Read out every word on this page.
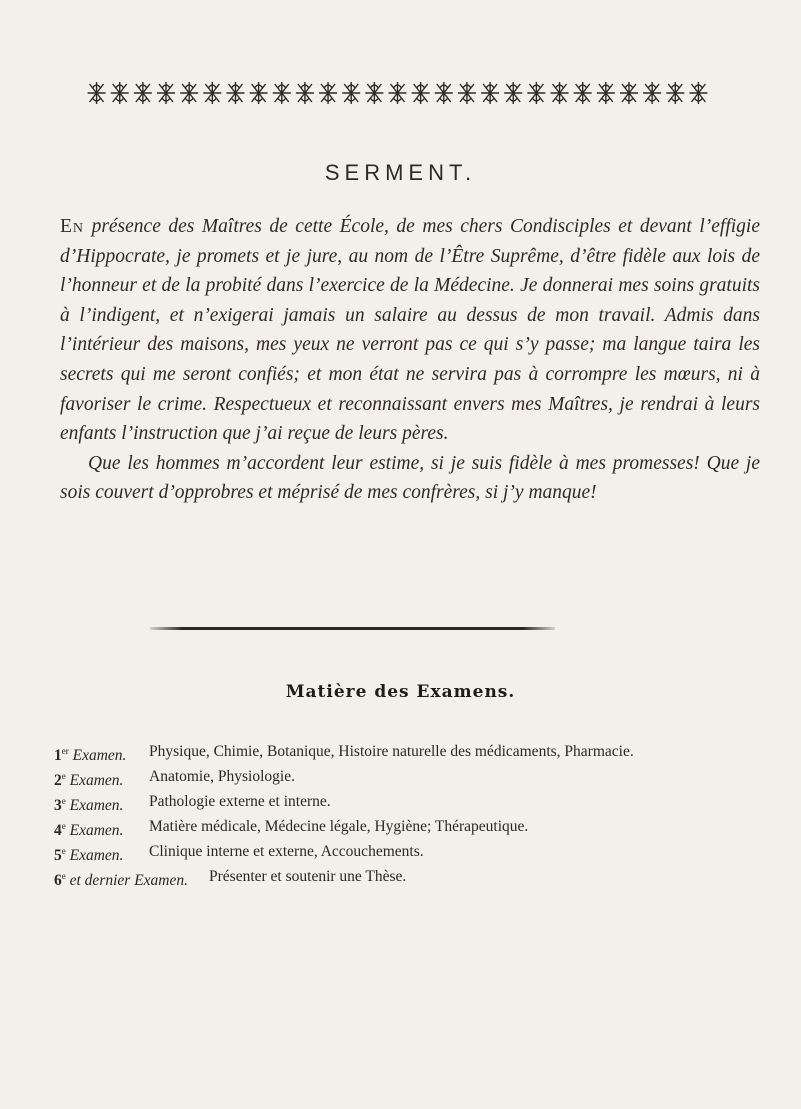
SERMENT.

En présence des Maîtres de cette École, de mes chers Condisciples et devant l’effigie d’Hippocrate, je promets et je jure, au nom de l’Être Suprême, d’être fidèle aux lois de l’honneur et de la probité dans l’exercice de la Médecine. Je donnerai mes soins gratuits à l’indigent, et n’exigerai jamais un salaire au dessus de mon travail. Admis dans l’intérieur des maisons, mes yeux ne verront pas ce qui s’y passe; ma langue taira les secrets qui me seront confiés; et mon état ne servira pas à corrompre les mœurs, ni à favoriser le crime. Respectueux et reconnaissant envers mes Maîtres, je rendrai à leurs enfants l’instruction que j’ai reçue de leurs pères.

Que les hommes m’accordent leur estime, si je suis fidèle à mes promesses! Que je sois couvert d’opprobres et méprisé de mes confrères, si j’y manque!

Matière des Examens.
1er Examen.	Physique, Chimie, Botanique, Histoire naturelle des médicaments, Pharmacie.
2e Examen.	Anatomie, Physiologie.
3e Examen.	Pathologie externe et interne.
4e Examen.	Matière médicale, Médecine légale, Hygiène; Thérapeutique.
5e Examen.	Clinique interne et externe, Accouchements.
6e et dernier Examen.	Présenter et soutenir une Thèse.
